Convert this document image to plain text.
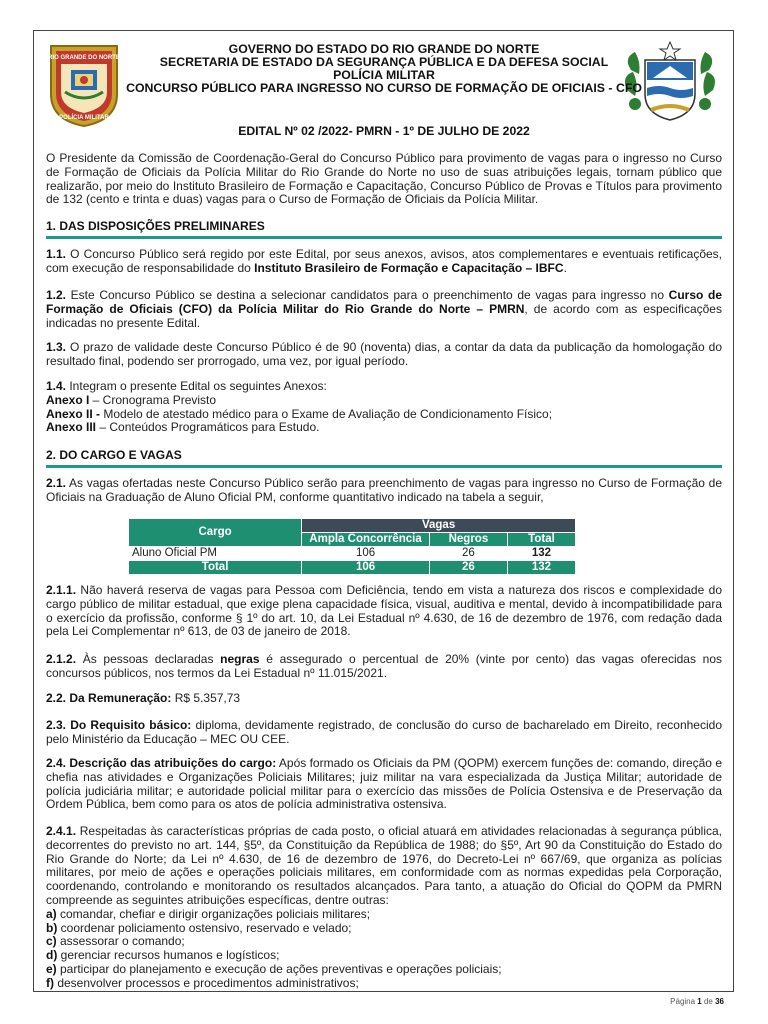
RIO GRANDE DO NORTE
POLÍCIA MILITAR
GOVERNO DO ESTADO DO RIO GRANDE DO NORTE
SECRETARIA DE ESTADO DA SEGURANÇA PÚBLICA E DA DEFESA SOCIAL
POLÍCIA MILITAR
CONCURSO PÚBLICO PARA INGRESSO NO CURSO DE FORMAÇÃO DE OFICIAIS - CFO
EDITAL Nº 02 /2022- PMRN - 1º DE JULHO DE 2022

O Presidente da Comissão de Coordenação-Geral do Concurso Público para provimento de vagas para o ingresso no Curso de Formação de Oficiais da Polícia Militar do Rio Grande do Norte no uso de suas atribuições legais, tornam público que realizarão, por meio do Instituto Brasileiro de Formação e Capacitação, Concurso Público de Provas e Títulos para provimento de 132 (cento e trinta e duas) vagas para o Curso de Formação de Oficiais da Polícia Militar.

1. DAS DISPOSIÇÕES PRELIMINARES

1.1. O Concurso Público será regido por este Edital, por seus anexos, avisos, atos complementares e eventuais retificações, com execução de responsabilidade do Instituto Brasileiro de Formação e Capacitação – IBFC.

1.2. Este Concurso Público se destina a selecionar candidatos para o preenchimento de vagas para ingresso no Curso de Formação de Oficiais (CFO) da Polícia Militar do Rio Grande do Norte – PMRN, de acordo com as especificações indicadas no presente Edital.

1.3. O prazo de validade deste Concurso Público é de 90 (noventa) dias, a contar da data da publicação da homologação do resultado final, podendo ser prorrogado, uma vez, por igual período.

1.4. Integram o presente Edital os seguintes Anexos:

Anexo I – Cronograma Previsto

Anexo II - Modelo de atestado médico para o Exame de Avaliação de Condicionamento Físico;

Anexo III – Conteúdos Programáticos para Estudo.

2. DO CARGO E VAGAS

2.1. As vagas ofertadas neste Concurso Público serão para preenchimento de vagas para ingresso no Curso de Formação de Oficiais na Graduação de Aluno Oficial PM, conforme quantitativo indicado na tabela a seguir,

Cargo	Vagas		
	Ampla Concorrência	Negros	Total
Aluno Oficial PM	106	26	132
Total	106	26	132

2.1.1. Não haverá reserva de vagas para Pessoa com Deficiência, tendo em vista a natureza dos riscos e complexidade do cargo público de militar estadual, que exige plena capacidade física, visual, auditiva e mental, devido à incompatibilidade para o exercício da profissão, conforme § 1º do art. 10, da Lei Estadual nº 4.630, de 16 de dezembro de 1976, com redação dada pela Lei Complementar nº 613, de 03 de janeiro de 2018.

2.1.2. Às pessoas declaradas negras é assegurado o percentual de 20% (vinte por cento) das vagas oferecidas nos concursos públicos, nos termos da Lei Estadual nº 11.015/2021.

2.2. Da Remuneração: R$ 5.357,73

2.3. Do Requisito básico: diploma, devidamente registrado, de conclusão do curso de bacharelado em Direito, reconhecido pelo Ministério da Educação – MEC OU CEE.

2.4. Descrição das atribuições do cargo: Após formado os Oficiais da PM (QOPM) exercem funções de: comando, direção e chefia nas atividades e Organizações Policiais Militares; juiz militar na vara especializada da Justiça Militar; autoridade de polícia judiciária militar; e autoridade policial militar para o exercício das missões de Polícia Ostensiva e de Preservação da Ordem Pública, bem como para os atos de polícia administrativa ostensiva.

2.4.1. Respeitadas às características próprias de cada posto, o oficial atuará em atividades relacionadas à segurança pública, decorrentes do previsto no art. 144, §5º, da Constituição da República de 1988; do §5º, Art 90 da Constituição do Estado do Rio Grande do Norte; da Lei nº 4.630, de 16 de dezembro de 1976, do Decreto-Lei nº 667/69, que organiza as polícias militares, por meio de ações e operações policiais militares, em conformidade com as normas expedidas pela Corporação, coordenando, controlando e monitorando os resultados alcançados. Para tanto, a atuação do Oficial do QOPM da PMRN compreende as seguintes atribuições específicas, dentre outras:

a) comandar, chefiar e dirigir organizações policiais militares;

b) coordenar policiamento ostensivo, reservado e velado;

c) assessorar o comando;

d) gerenciar recursos humanos e logísticos;

e) participar do planejamento e execução de ações preventivas e operações policiais;

f) desenvolver processos e procedimentos administrativos;

Página 1 de 36
